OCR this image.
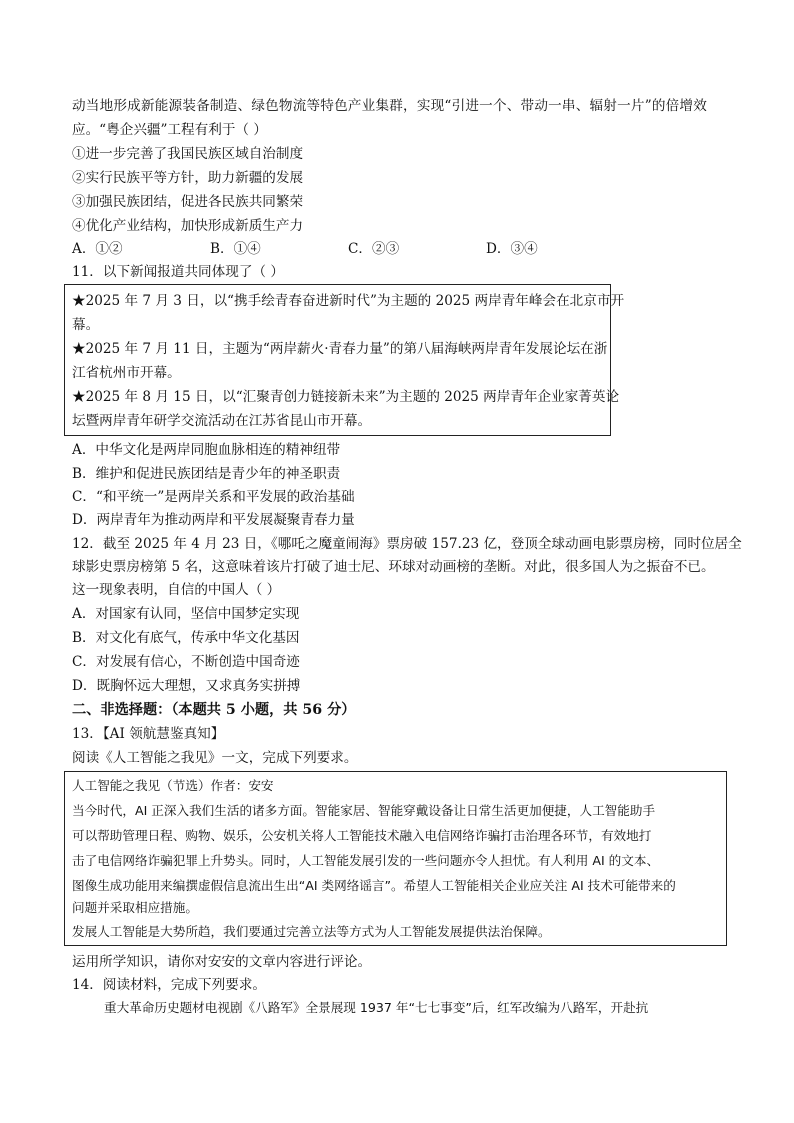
动当地形成新能源装备制造、绿色物流等特色产业集群，实现“引进一个、带动一串、辐射一片”的倍增效
应。“粤企兴疆”工程有利于（ ）
①进一步完善了我国民族区域自治制度
②实行民族平等方针，助力新疆的发展
③加强民族团结，促进各民族共同繁荣
④优化产业结构，加快形成新质生产力
A．①②	B．①④	C．②③	D．③④
11．以下新闻报道共同体现了（ ）
★2025 年 7 月 3 日，以“携手绘青春奋进新时代”为主题的 2025 两岸青年峰会在北京市开
幕。
★2025 年 7 月 11 日，主题为“两岸薪火·青春力量”的第八届海峡两岸青年发展论坛在浙
江省杭州市开幕。
★2025 年 8 月 15 日，以“汇聚青创力链接新未来”为主题的 2025 两岸青年企业家菁英论
坛暨两岸青年研学交流活动在江苏省昆山市开幕。
A．中华文化是两岸同胞血脉相连的精神纽带
B．维护和促进民族团结是青少年的神圣职责
C．“和平统一”是两岸关系和平发展的政治基础
D．两岸青年为推动两岸和平发展凝聚青春力量
12．截至 2025 年 4 月 23 日，《哪吒之魔童闹海》票房破 157.23 亿，登顶全球动画电影票房榜，同时位居全
球影史票房榜第 5 名，这意味着该片打破了迪士尼、环球对动画榜的垄断。对此，很多国人为之振奋不已。
这一现象表明，自信的中国人（ ）
A．对国家有认同，坚信中国梦定实现
B．对文化有底气，传承中华文化基因
C．对发展有信心，不断创造中国奇迹
D．既胸怀远大理想，又求真务实拼搏
二、非选择题：（本题共 5 小题，共 56 分）
13．【AI 领航慧鉴真知】
阅读《人工智能之我见》一文，完成下列要求。
人工智能之我见（节选）作者：安安
当今时代，AI 正深入我们生活的诸多方面。智能家居、智能穿戴设备让日常生活更加便捷，人工智能助手
可以帮助管理日程、购物、娱乐，公安机关将人工智能技术融入电信网络诈骗打击治理各环节，有效地打
击了电信网络诈骗犯罪上升势头。同时，人工智能发展引发的一些问题亦令人担忧。有人利用 AI 的文本、
图像生成功能用来编撰虚假信息流出生出“AI 类网络谣言”。希望人工智能相关企业应关注 AI 技术可能带来的
问题并采取相应措施。
发展人工智能是大势所趋，我们要通过完善立法等方式为人工智能发展提供法治保障。
运用所学知识，请你对安安的文章内容进行评论。
14．阅读材料，完成下列要求。
重大革命历史题材电视剧《八路军》全景展现 1937 年“七七事变”后，红军改编为八路军，开赴抗
